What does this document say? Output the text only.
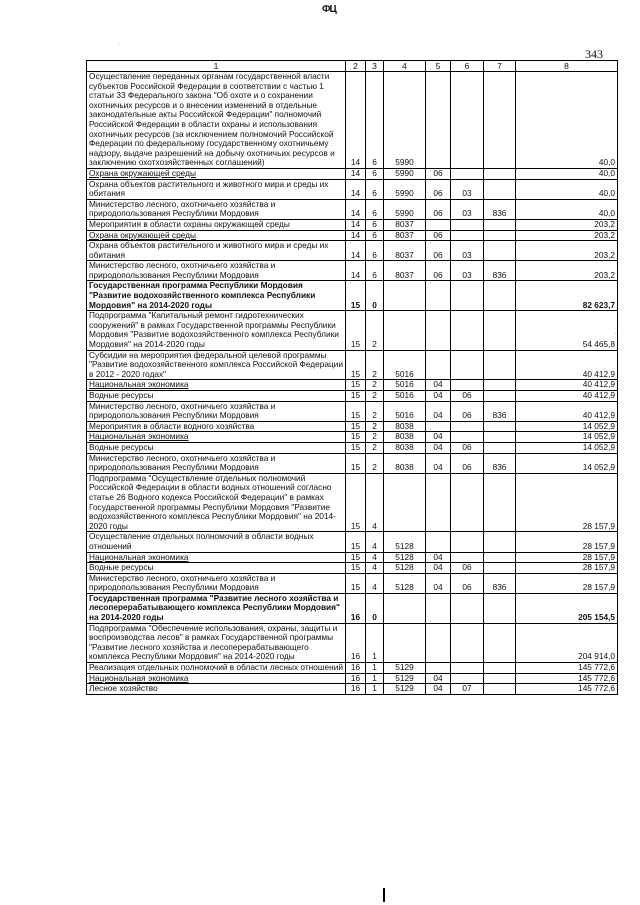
ФЦ
343
.
.
1	2	3	4	5	6	7	8
Осуществление переданных органам государственной власти субъектов Российской Федерации в соответствии с частью 1 статьи 33 Федерального закона "Об охоте и о сохранении охотничьих ресурсов и о внесении изменений в отдельные законодательные акты Российской Федерации" полномочий Российской Федерации в области охраны и использования охотничьих ресурсов (за исключением полномочий Российской Федерации по федеральному государственному охотничьему надзору, выдаче разрешений на добычу охотничьих ресурсов и заключению охотхозяйственных соглашений)	14	6	5990				40,0
Охрана окружающей среды	14	6	5990	06			40,0
Охрана объектов растительного и животного мира и среды их обитания	14	6	5990	06	03		40,0
Министерство лесного, охотничьего хозяйства и природопользования Республики Мордовия	14	6	5990	06	03	836	40,0
Мероприятия в области охраны окружающей среды	14	6	8037				203,2
Охрана окружающей среды	14	6	8037	06			203,2
Охрана объектов растительного и животного мира и среды их обитания	14	6	8037	06	03		203,2
Министерство лесного, охотничьего хозяйства и природопользования Республики Мордовия	14	6	8037	06	03	836	203,2
Государственная программа Республики Мордовия "Развитие водохозяйственного комплекса Республики Мордовия" на 2014-2020 годы	15	0					82 623,7
Подпрограмма "Капитальный ремонт гидротехнических сооружений" в рамках Государственной программы Республики Мордовия "Развитие водохозяйственного комплекса Республики Мордовия" на 2014-2020 годы	15	2					54 465,8
Субсидии на мероприятия федеральной целевой программы "Развитие водохозяйственного комплекса Российской Федерации в 2012 - 2020 годах"	15	2	5016				40 412,9
Национальная экономика	15	2	5016	04			40 412,9
Водные ресурсы	15	2	5016	04	06		40 412,9
Министерство лесного, охотничьего хозяйства и природопользования Республики Мордовия	15	2	5016	04	06	836	40 412,9
Мероприятия в области водного хозяйства	15	2	8038				14 052,9
Национальная экономика	15	2	8038	04			14 052,9
Водные ресурсы	15	2	8038	04	06		14 052,9
Министерство лесного, охотничьего хозяйства и природопользования Республики Мордовия	15	2	8038	04	06	836	14 052,9
Подпрограмма "Осуществление отдельных полномочий Российской Федерации в области водных отношений согласно статье 26 Водного кодекса Российской Федерации" в рамках Государственной программы Республики Мордовия "Развитие водохозяйственного комплекса Республики Мордовия" на 2014-2020 годы	15	4					28 157,9
Осуществление отдельных полномочий в области водных отношений	15	4	5128				28 157,9
Национальная экономика	15	4	5128	04			28 157,9
Водные ресурсы	15	4	5128	04	06		28 157,9
Министерство лесного, охотничьего хозяйства и природопользования Республики Мордовия	15	4	5128	04	06	836	28 157,9
Государственная программа "Развитие лесного хозяйства и лесоперерабатывающего комплекса Республики Мордовия" на 2014-2020 годы	16	0					205 154,5
Подпрограмма "Обеспечение использования, охраны, защиты и воспроизводства лесов" в рамках Государственной программы "Развитие лесного хозяйства и лесоперерабатывающего комплекса Республики Мордовия" на 2014-2020 годы	16	1					204 914,0
Реализация отдельных полномочий в области лесных отношений	16	1	5129				145 772,6
Национальная экономика	16	1	5129	04			145 772,6
Лесное хозяйство	16	1	5129	04	07		145 772,6
